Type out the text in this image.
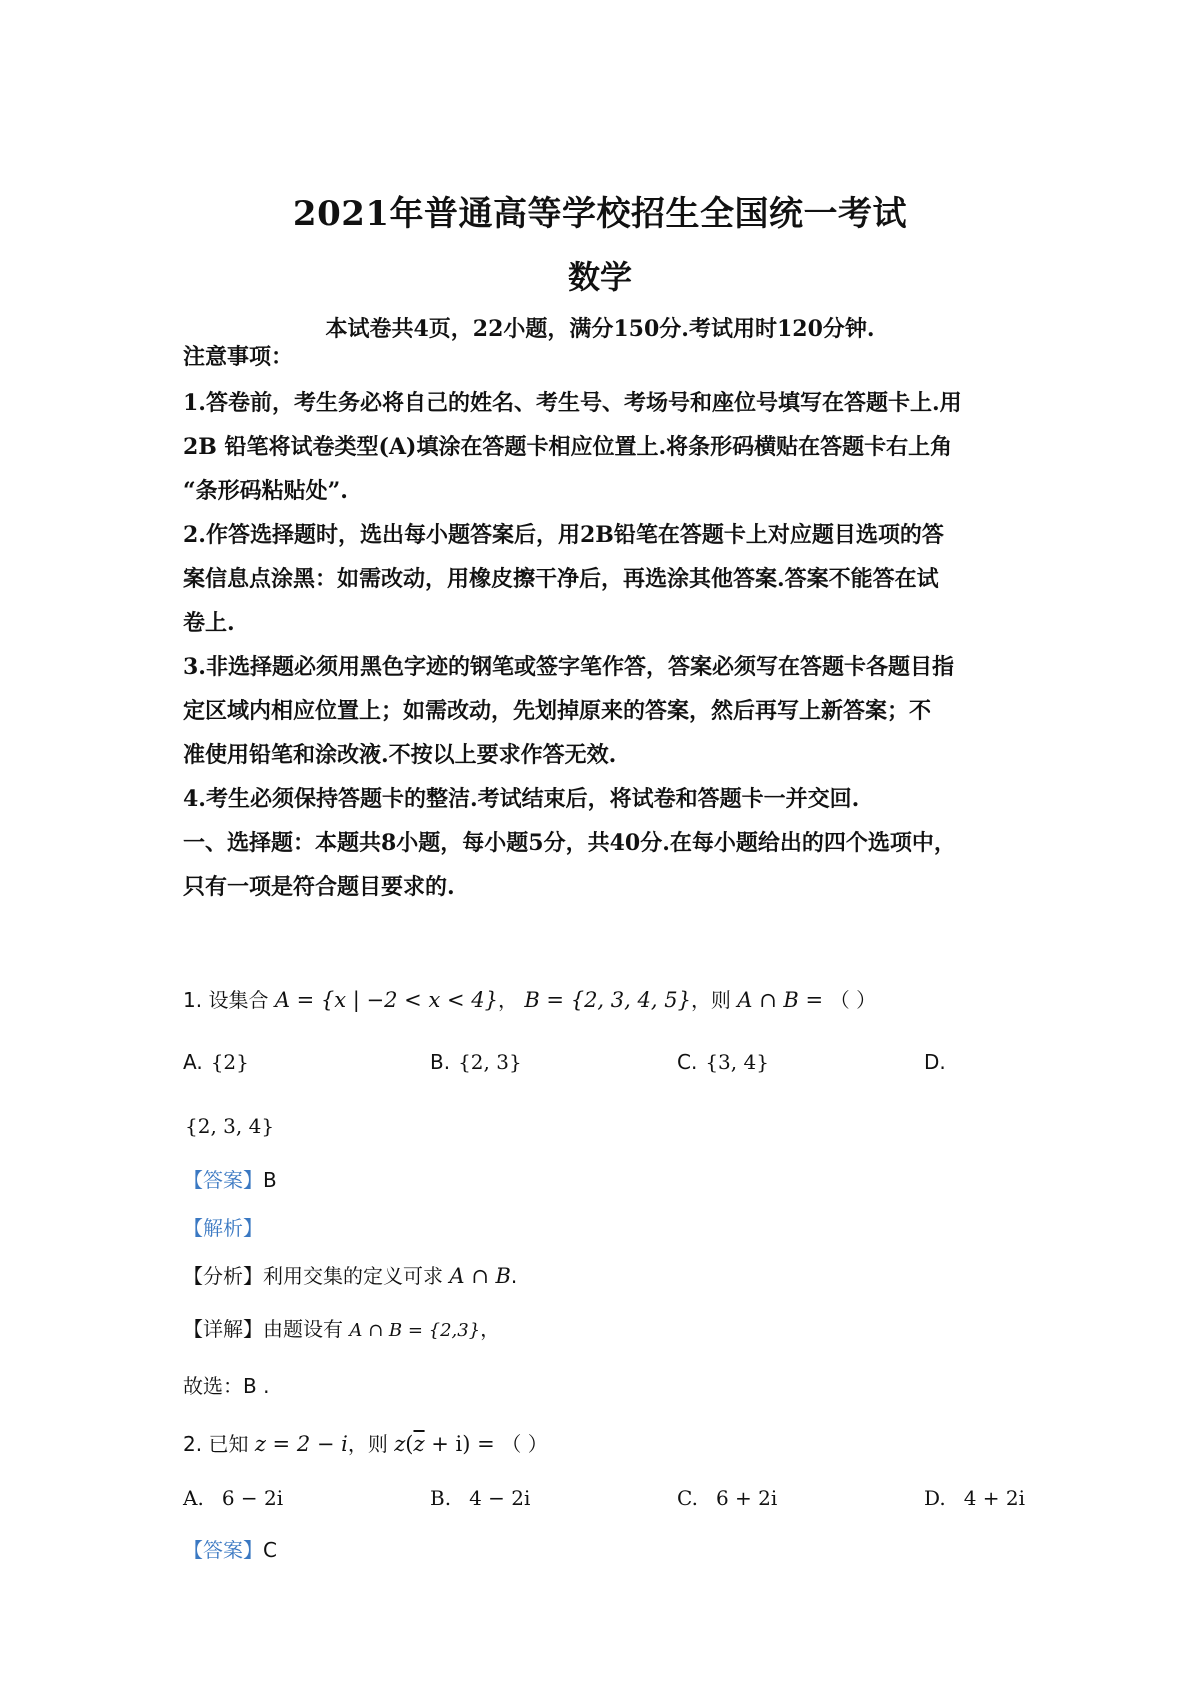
2021年普通高等学校招生全国统一考试
数学
本试卷共4页，22小题，满分150分.考试用时120分钟.
注意事项：
1.答卷前，考生务必将自己的姓名、考生号、考场号和座位号填写在答题卡上.用
2B 铅笔将试卷类型(A)填涂在答题卡相应位置上.将条形码横贴在答题卡右上角
“条形码粘贴处”.
2.作答选择题时，选出每小题答案后，用2B铅笔在答题卡上对应题目选项的答
案信息点涂黑：如需改动，用橡皮擦干净后，再选涂其他答案.答案不能答在试
卷上.
3.非选择题必须用黑色字迹的钢笔或签字笔作答，答案必须写在答题卡各题目指
定区域内相应位置上；如需改动，先划掉原来的答案，然后再写上新答案；不
准使用铅笔和涂改液.不按以上要求作答无效.
4.考生必须保持答题卡的整洁.考试结束后，将试卷和答题卡一并交回.
一、选择题：本题共8小题，每小题5分，共40分.在每小题给出的四个选项中，
只有一项是符合题目要求的.
1. 设集合 A = {x | −2 < x < 4}， B = {2, 3, 4, 5}，则 A ∩ B = （ ）
A. {2}	B. {2, 3}	C. {3, 4}	D.
{2, 3, 4}
【答案】B
【解析】
【分析】利用交集的定义可求 A ∩ B.
【详解】由题设有 A ∩ B = {2,3}，
故选：B .
2. 已知 z = 2 − i，则 $z(\overline{z} + i)$ = （ ）
A. 6 − 2i	B. 4 − 2i	C. 6 + 2i	D. 4 + 2i
【答案】C
